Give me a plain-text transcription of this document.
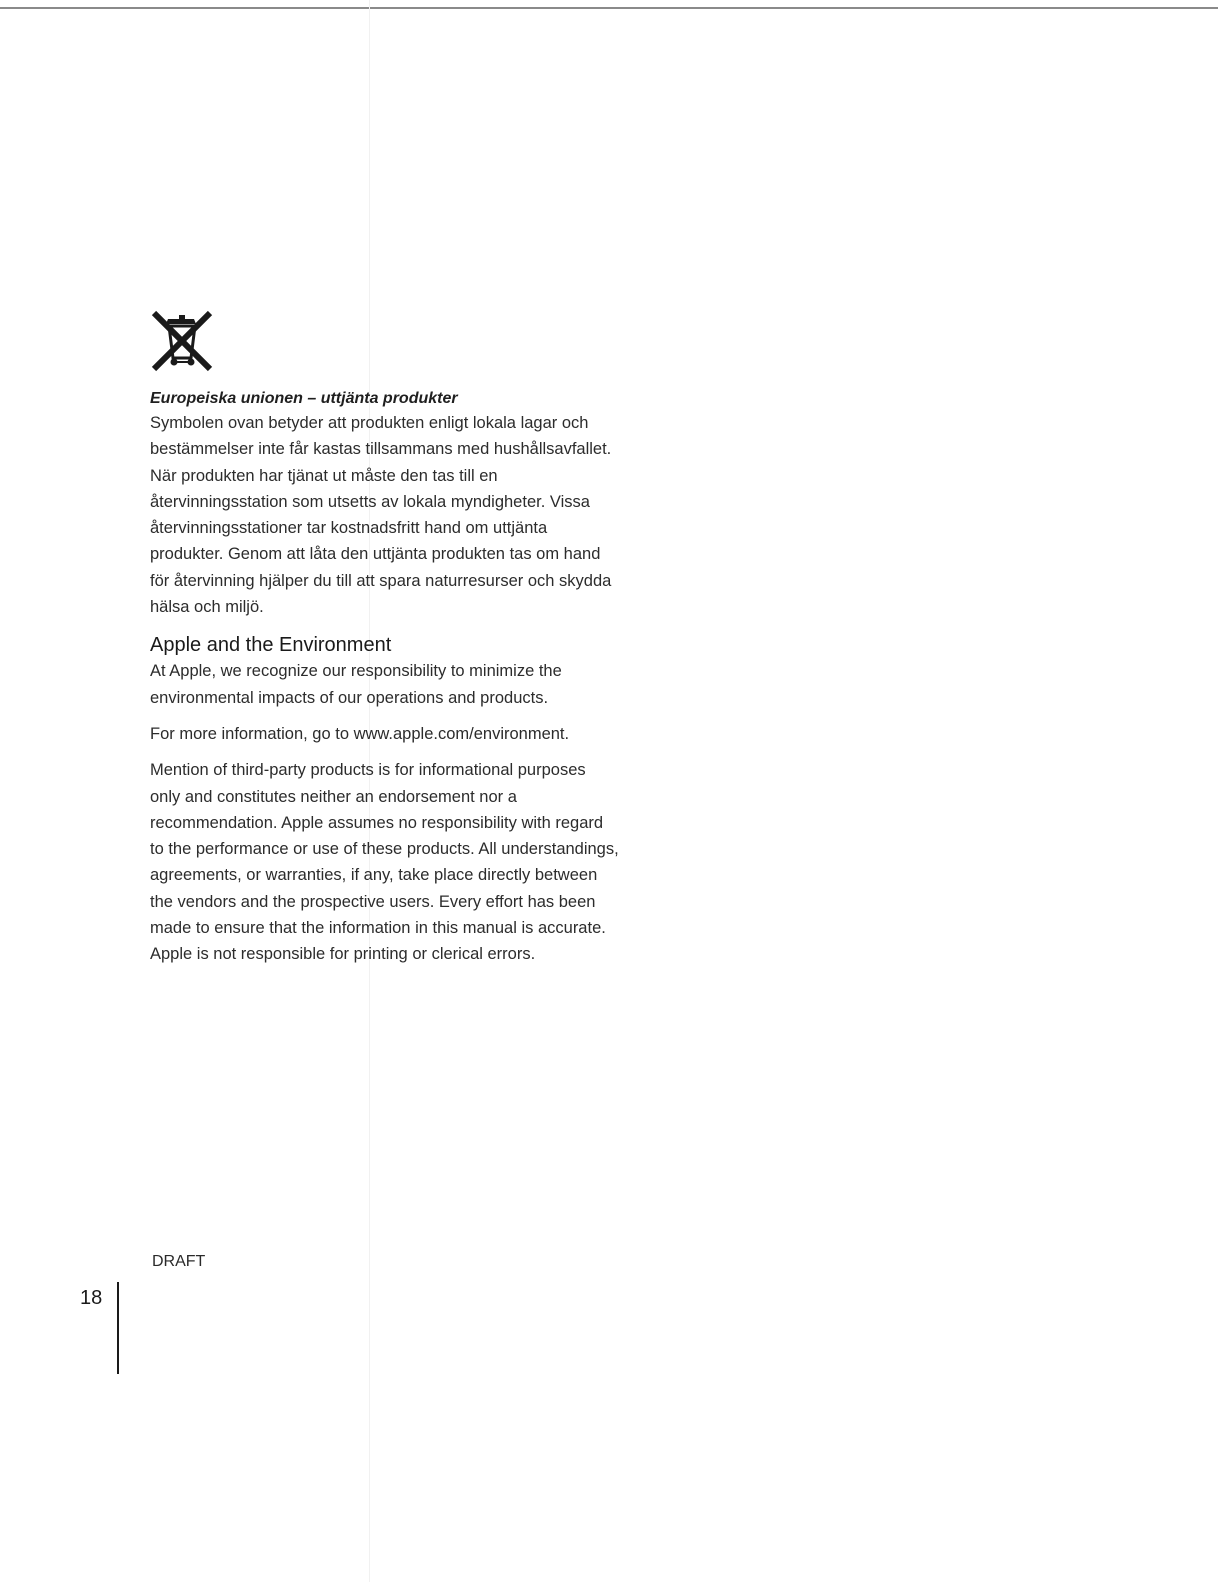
Europeiska unionen – uttjänta produkter

Symbolen ovan betyder att produkten enligt lokala lagar och bestämmelser inte får kastas tillsammans med hushållsavfallet. När produkten har tjänat ut måste den tas till en återvinningsstation som utsetts av lokala myndigheter. Vissa återvinningsstationer tar kostnadsfritt hand om uttjänta produkter. Genom att låta den uttjänta produkten tas om hand för återvinning hjälper du till att spara naturresurser och skydda hälsa och miljö.

Apple and the Environment

At Apple, we recognize our responsibility to minimize the environmental impacts of our operations and products.

For more information, go to www.apple.com/environment.

Mention of third-party products is for informational purposes only and constitutes neither an endorsement nor a recommendation. Apple assumes no responsibility with regard to the performance or use of these products. All understandings, agreements, or warranties, if any, take place directly between the vendors and the prospective users. Every effort has been made to ensure that the information in this manual is accurate. Apple is not responsible for printing or clerical errors.

DRAFT
18
